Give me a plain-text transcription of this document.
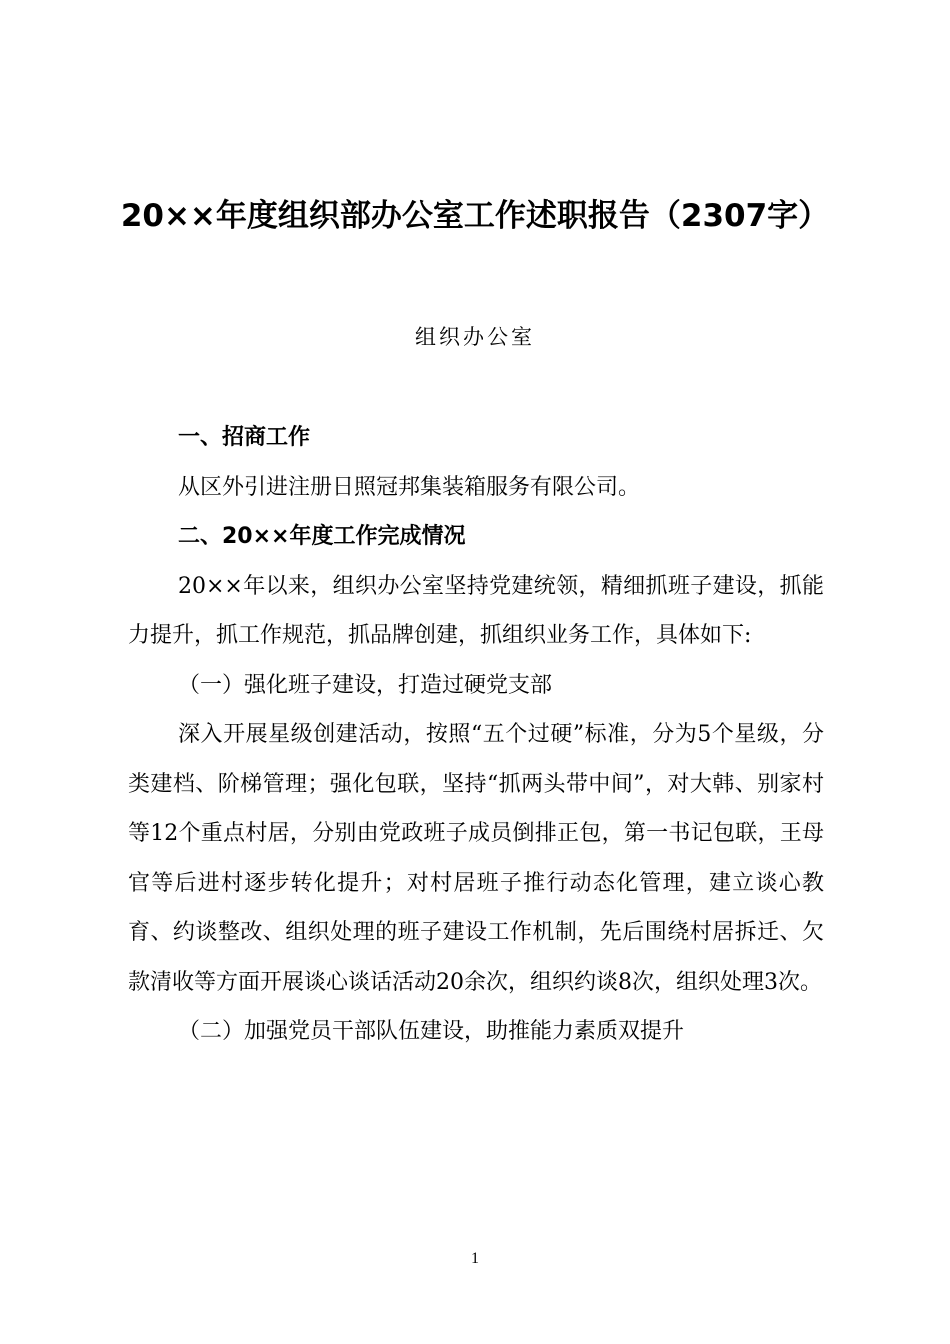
20××年度组织部办公室工作述职报告（2307字）
组织办公室

一、招商工作

从区外引进注册日照冠邦集装箱服务有限公司。

二、20××年度工作完成情况

20××年以来，组织办公室坚持党建统领，精细抓班子建设，抓能力提升，抓工作规范，抓品牌创建，抓组织业务工作，具体如下:

（一）强化班子建设，打造过硬党支部

深入开展星级创建活动，按照“五个过硬”标准，分为5个星级，分类建档、阶梯管理；强化包联，坚持“抓两头带中间”，对大韩、别家村等12个重点村居，分别由党政班子成员倒排正包，第一书记包联，王母官等后进村逐步转化提升；对村居班子推行动态化管理，建立谈心教育、约谈整改、组织处理的班子建设工作机制，先后围绕村居拆迁、欠款清收等方面开展谈心谈话活动20余次，组织约谈8次，组织处理3次。

（二）加强党员干部队伍建设，助推能力素质双提升

1
